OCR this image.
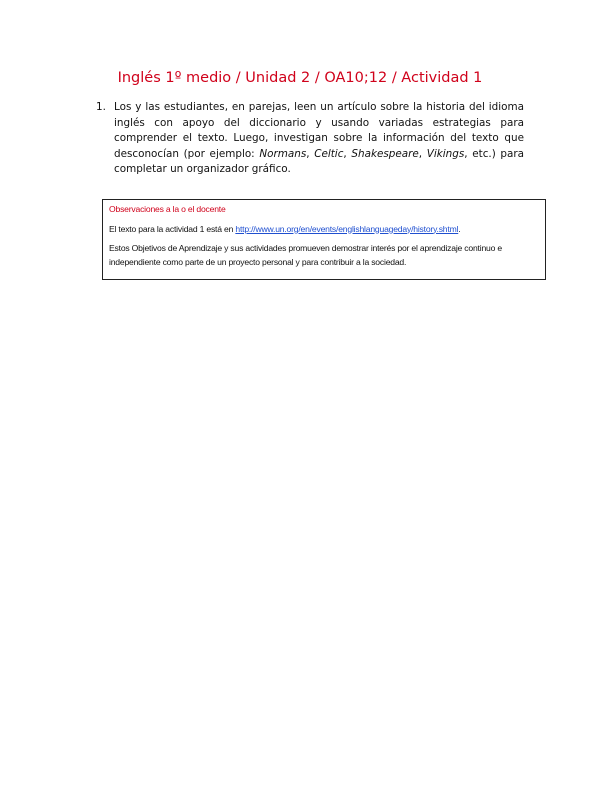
Inglés 1º medio / Unidad 2 / OA10;12 / Actividad 1
1. Los y las estudiantes, en parejas, leen un artículo sobre la historia del idioma inglés con apoyo del diccionario y usando variadas estrategias para comprender el texto. Luego, investigan sobre la información del texto que desconocían (por ejemplo: Normans, Celtic, Shakespeare, Vikings, etc.) para completar un organizador gráfico.
Observaciones a la o el docente
El texto para la actividad 1 está en http://www.un.org/en/events/englishlanguageday/history.shtml.
Estos Objetivos de Aprendizaje y sus actividades promueven demostrar interés por el aprendizaje continuo e independiente como parte de un proyecto personal y para contribuir a la sociedad.
